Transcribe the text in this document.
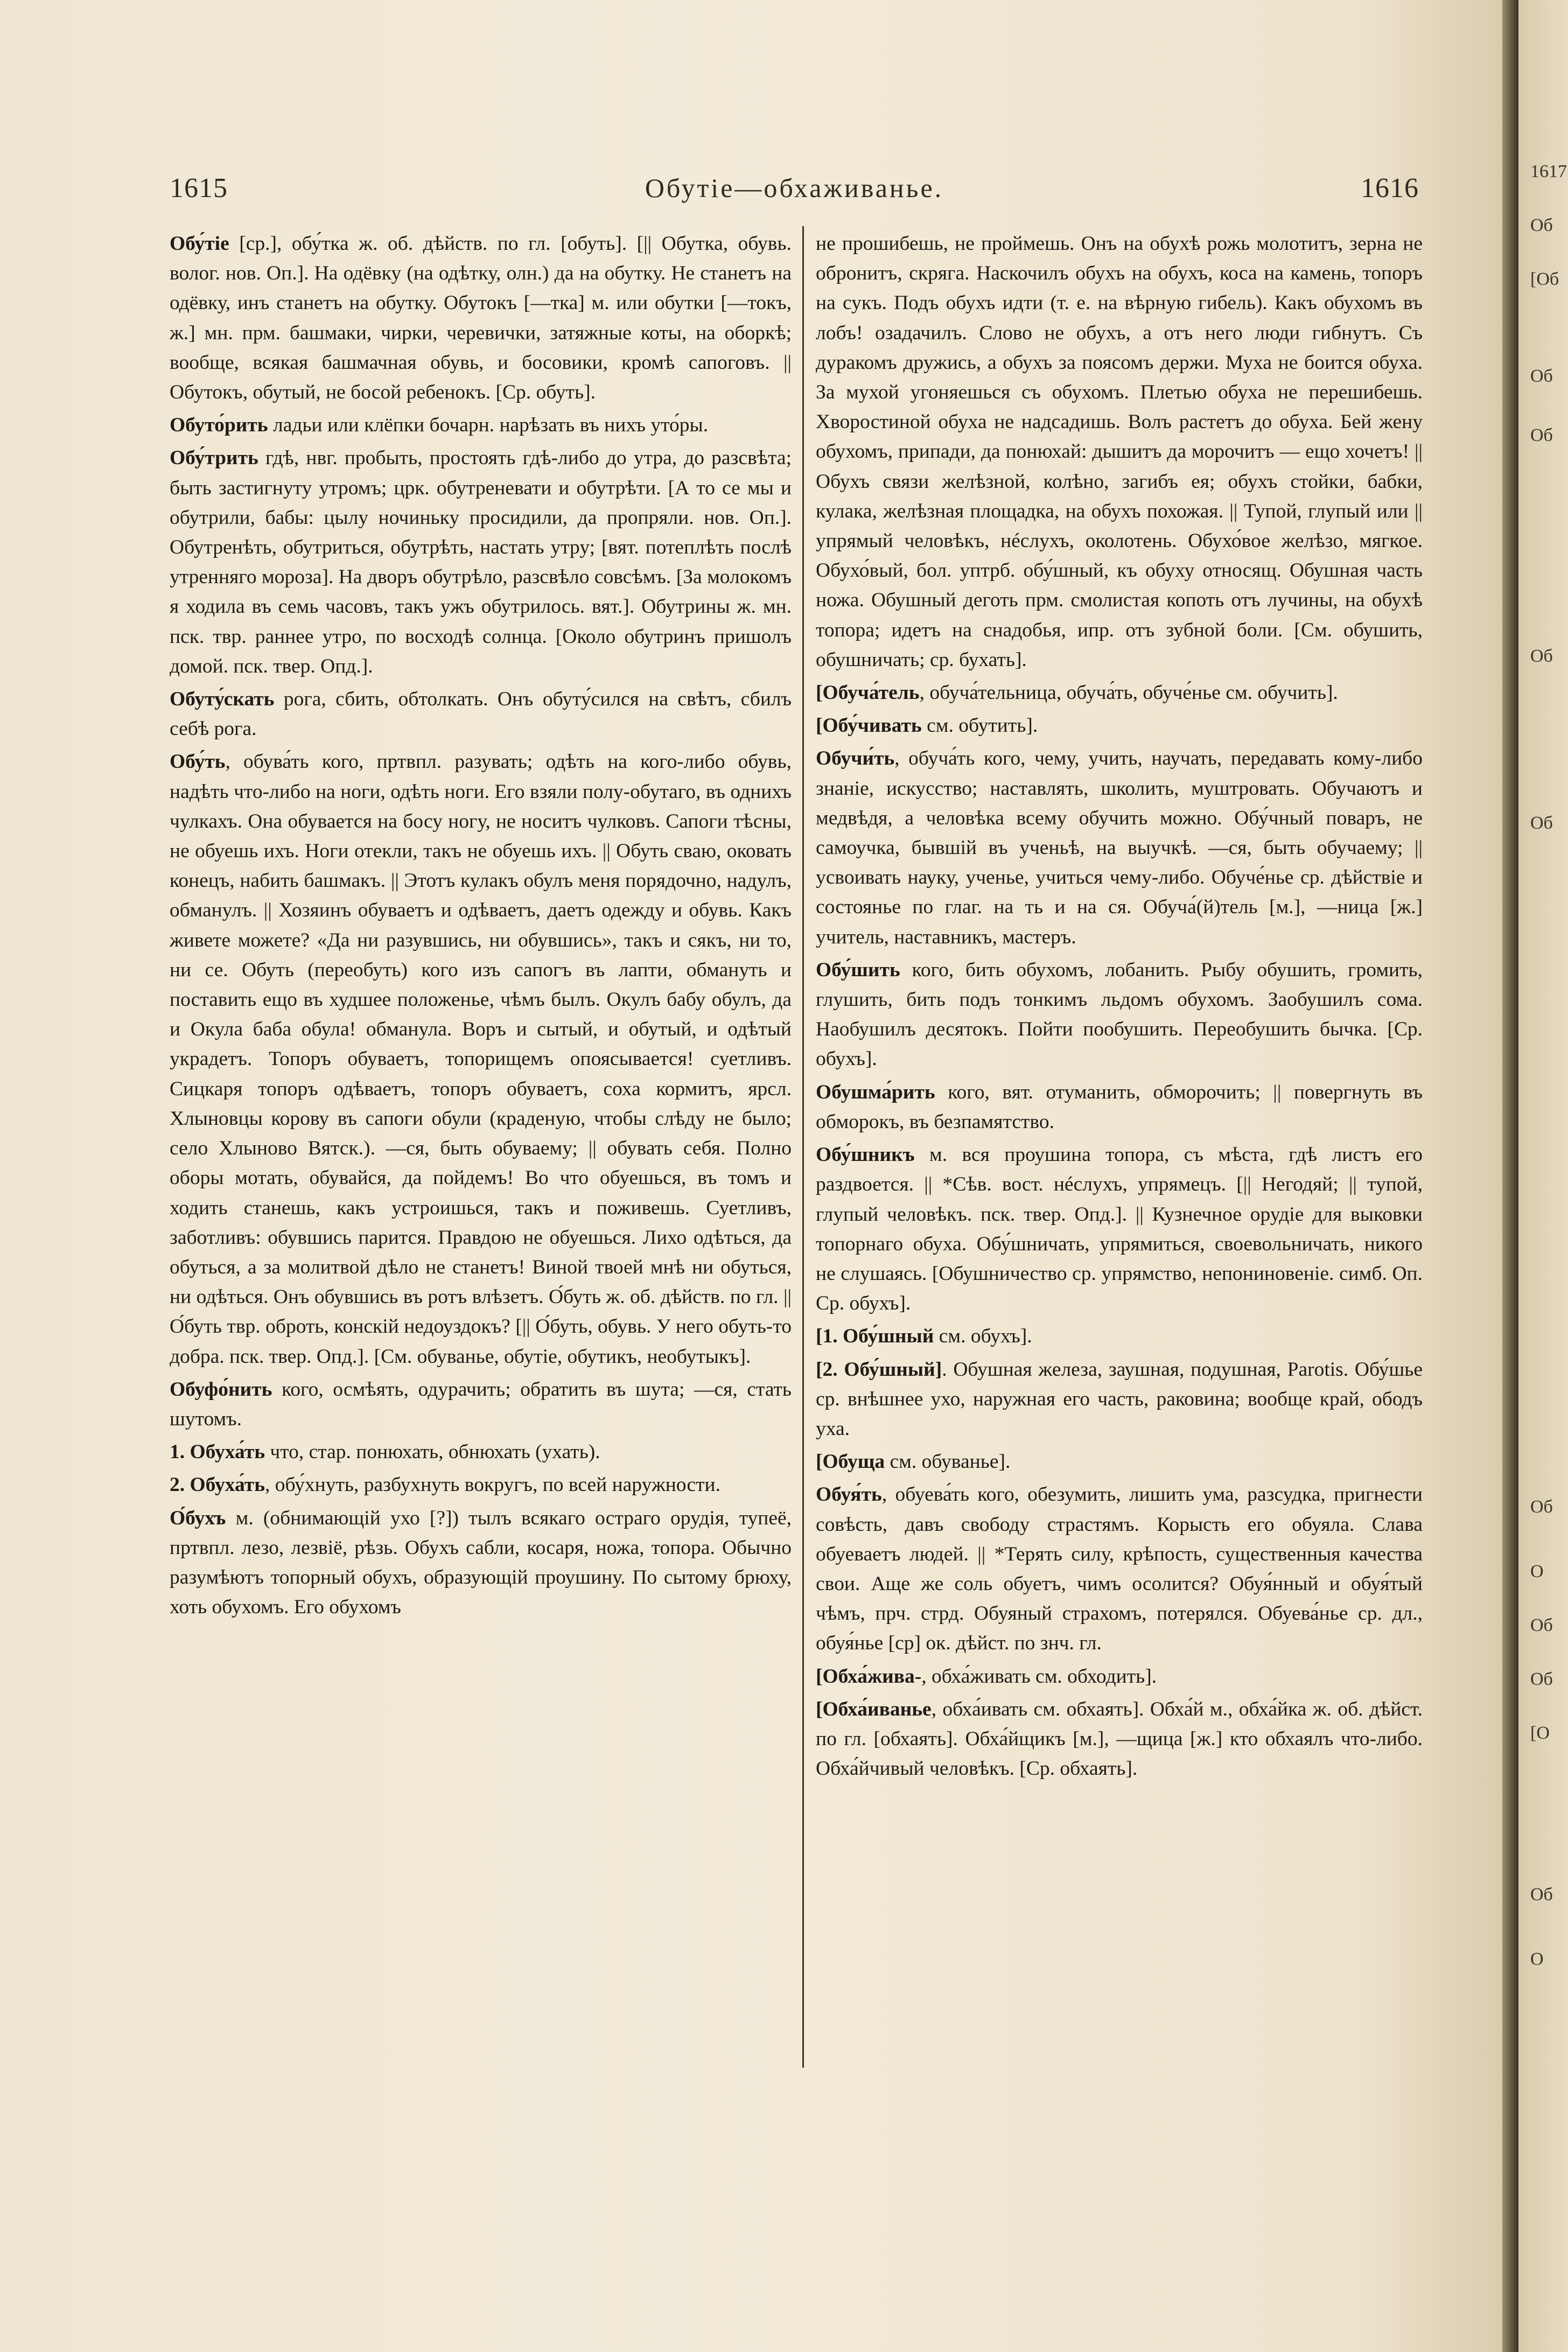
1615	Обутіе—обхаживанье.	1616
Обу́тіе [ср.], обу́тка ж. об. дѣйств. по гл. [обуть]. [|| Обутка, обувь. волог. нов. Оп.]. На одёвку (на одѣтку, олн.) да на обутку. Не станетъ на одёвку, инъ станетъ на обутку. Обутокъ [—тка] м. или обутки [—токъ, ж.] мн. прм. башмаки, чирки, черевички, затяжные коты, на оборкѣ; вообще, всякая башмачная обувь, и босовики, кромѣ сапоговъ. || Обутокъ, обутый, не босой ребенокъ. [Ср. обуть].
Обуто́рить ладьи или клёпки бочарн. нарѣзать въ нихъ уто́ры.
Обу́трить гдѣ, нвг. пробыть, простоять гдѣ-либо до утра, до разсвѣта; быть застигнуту утромъ; црк. обутреневати и обутрѣти. [А то се мы и обутрили, бабы: цылу ночиньку просидили, да пропряли. нов. Оп.]. Обутренѣть, обутриться, обутрѣть, настать утру; [вят. потеплѣть послѣ утренняго мороза]. На дворъ обутрѣло, разсвѣло совсѣмъ. [За молокомъ я ходила въ семь часовъ, такъ ужъ обутрилось. вят.]. Обутрины ж. мн. пск. твр. раннее утро, по восходѣ солнца. [Около обутринъ пришолъ домой. пск. твер. Опд.].
Обуту́скать рога, сбить, обтолкать. Онъ обуту́сился на свѣтъ, сбилъ себѣ рога.
Обу́ть, обува́ть кого, пртвпл. разувать; одѣть на кого-либо обувь, надѣть что-либо на ноги, одѣть ноги. Его взяли полу-обутаго, въ однихъ чулкахъ. Она обувается на босу ногу, не носитъ чулковъ. Сапоги тѣсны, не обуешь ихъ. Ноги отекли, такъ не обуешь ихъ. || Обуть сваю, оковать конецъ, набить башмакъ. || Этотъ кулакъ обулъ меня порядочно, надулъ, обманулъ. || Хозяинъ обуваетъ и одѣваетъ, даетъ одежду и обувь. Какъ живете можете? «Да ни разувшись, ни обувшись», такъ и сякъ, ни то, ни се. Обуть (переобуть) кого изъ сапогъ въ лапти, обмануть и поставить ещо въ худшее положенье, чѣмъ былъ. Окулъ бабу обулъ, да и Окула баба обула! обманула. Воръ и сытый, и обутый, и одѣтый украдетъ. Топоръ обуваетъ, топорищемъ опоясывается! суетливъ. Сицкаря топоръ одѣваетъ, топоръ обуваетъ, соха кормитъ, ярсл. Хлыновцы корову въ сапоги обули (краденую, чтобы слѣду не было; село Хлыново Вятск.). —ся, быть обуваему; || обувать себя. Полно оборы мотать, обувайся, да пойдемъ! Во что обуешься, въ томъ и ходить станешь, какъ устроишься, такъ и поживешь. Суетливъ, заботливъ: обувшись парится. Правдою не обуешься. Лихо одѣться, да обуться, а за молитвой дѣло не станетъ! Виной твоей мнѣ ни обуться, ни одѣться. Онъ обувшись въ ротъ влѣзетъ. О́буть ж. об. дѣйств. по гл. || О́буть твр. оброть, конскій недоуздокъ? [|| О́буть, обувь. У него обуть-то добра. пск. твер. Опд.]. [См. обуванье, обутіе, обутикъ, необутыкъ].
Обуфо́нить кого, осмѣять, одурачить; обратить въ шута; —ся, стать шутомъ.
1. Обуха́ть что, стар. понюхать, обнюхать (ухать).
2. Обуха́ть, обу́хнуть, разбухнуть вокругъ, по всей наружности.
О́бухъ м. (обнимающій ухо [?]) тылъ всякаго остраго орудія, тупеё, пртвпл. лезо, лезвіё, рѣзь. Обухъ сабли, косаря, ножа, топора. Обычно разумѣютъ топорный обухъ, образующій проушину. По сытому брюху, хоть обухомъ. Его обухомъ
не прошибешь, не проймешь. Онъ на обухѣ рожь молотитъ, зерна не обронитъ, скряга. Наскочилъ обухъ на обухъ, коса на камень, топоръ на сукъ. Подъ обухъ идти (т. е. на вѣрную гибель). Какъ обухомъ въ лобъ! озадачилъ. Слово не обухъ, а отъ него люди гибнутъ. Съ дуракомъ дружись, а обухъ за поясомъ держи. Муха не боится обуха. За мухой угоняешься съ обухомъ. Плетью обуха не перешибешь. Хворостиной обуха не надсадишь. Волъ растетъ до обуха. Бей жену обухомъ, припади, да понюхай: дышитъ да морочитъ — ещо хочетъ! || Обухъ связи желѣзной, колѣно, загибъ ея; обухъ стойки, бабки, кулака, желѣзная площадка, на обухъ похожая. || Тупой, глупый или || упрямый человѣкъ, нéслухъ, околотень. Обухо́вое желѣзо, мягкое. Обухо́вый, бол. уптрб. обу́шный, къ обуху относящ. Обушная часть ножа. Обушный деготь прм. смолистая копоть отъ лучины, на обухѣ топора; идетъ на снадобья, ипр. отъ зубной боли. [См. обушить, обушничать; ср. бухать].
[Обуча́тель, обуча́тельница, обуча́ть, обуче́нье см. обучить].
[Обу́чивать см. обутить].
Обучи́ть, обуча́ть кого, чему, учить, научать, передавать кому-либо знаніе, искусство; наставлять, школить, муштровать. Обучаютъ и медвѣдя, а человѣка всему обучить можно. Обу́чный поваръ, не самоучка, бывшій въ ученьѣ, на выучкѣ. —ся, быть обучаему; || усвоивать науку, ученье, учиться чему-либо. Обуче́нье ср. дѣйствіе и состоянье по глаг. на ть и на ся. Обуча́(й)тель [м.], —ница [ж.] учитель, наставникъ, мастеръ.
Обу́шить кого, бить обухомъ, лобанить. Рыбу обушить, громить, глушить, бить подъ тонкимъ льдомъ обухомъ. Заобушилъ сома. Наобушилъ десятокъ. Пойти пообушить. Переобушить бычка. [Ср. обухъ].
Обушма́рить кого, вят. отуманить, обморочить; || повергнуть въ обморокъ, въ безпамятство.
Обу́шникъ м. вся проушина топора, съ мѣста, гдѣ листъ его раздвоется. || *Сѣв. вост. нéслухъ, упрямецъ. [|| Негодяй; || тупой, глупый человѣкъ. пск. твер. Опд.]. || Кузнечное орудіе для выковки топорнаго обуха. Обу́шничать, упрямиться, своевольничать, никого не слушаясь. [Обушничество ср. упрямство, непониновеніе. симб. Оп. Ср. обухъ].
[1. Обу́шный см. обухъ].
[2. Обу́шный]. Обушная железа, заушная, подушная, Parotis. Обу́шье ср. внѣшнее ухо, наружная его часть, раковина; вообще край, ободъ уха.
[Обуща см. обуванье].
Обуя́ть, обуева́ть кого, обезумить, лишить ума, разсудка, пригнести совѣсть, давъ свободу страстямъ. Корысть его обуяла. Слава обуеваетъ людей. || *Терять силу, крѣпость, существенныя качества свои. Аще же соль обуетъ, чимъ осолится? Обуя́нный и обуя́тый чѣмъ, прч. стрд. Обуяный страхомъ, потерялся. Обуева́нье ср. дл., обуя́нье [ср] ок. дѣйст. по знч. гл.
[Обха́жива-, обха́живать см. обходить].
[Обха́иванье, обха́ивать см. обхаять]. Обха́й м., обха́йка ж. об. дѣйст. по гл. [обхаять]. Обха́йщикъ [м.], —щица [ж.] кто обхаялъ что-либо. Обха́йчивый человѣкъ. [Ср. обхаять].
1617
Об
[Об
Об
Об
Об
Об
Об
О
Об
Об
[О
Об
О
